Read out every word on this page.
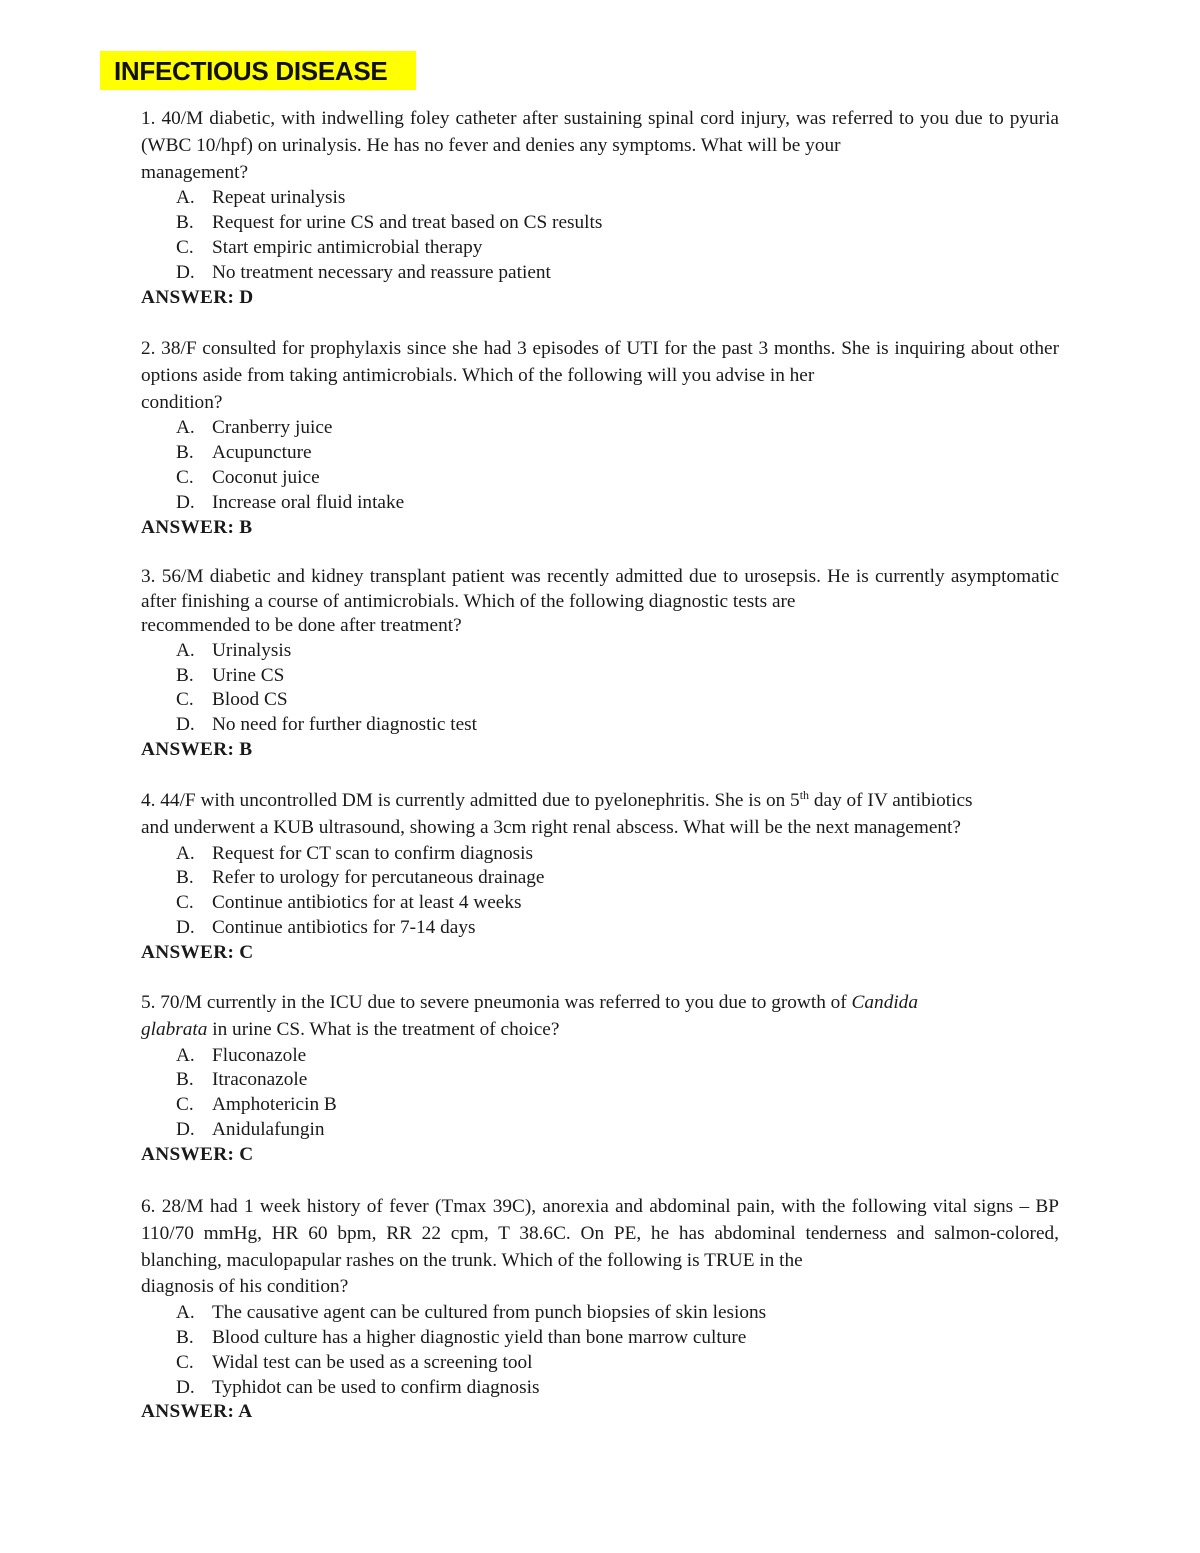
INFECTIOUS DISEASE

1. 40/M diabetic, with indwelling foley catheter after sustaining spinal cord injury, was referred to you due to pyuria (WBC 10/hpf) on urinalysis. He has no fever and denies any symptoms. What will be your
management?

A. Repeat urinalysis
B. Request for urine CS and treat based on CS results
C. Start empiric antimicrobial therapy
D. No treatment necessary and reassure patient
ANSWER: D

2. 38/F consulted for prophylaxis since she had 3 episodes of UTI for the past 3 months. She is inquiring about other options aside from taking antimicrobials. Which of the following will you advise in her
condition?

A. Cranberry juice
B. Acupuncture
C. Coconut juice
D. Increase oral fluid intake
ANSWER: B

3. 56/M diabetic and kidney transplant patient was recently admitted due to urosepsis. He is currently asymptomatic after finishing a course of antimicrobials. Which of the following diagnostic tests are
recommended to be done after treatment?

A. Urinalysis
B. Urine CS
C. Blood CS
D. No need for further diagnostic test
ANSWER: B

4. 44/F with uncontrolled DM is currently admitted due to pyelonephritis. She is on 5th day of IV antibiotics
and underwent a KUB ultrasound, showing a 3cm right renal abscess. What will be the next management?

A. Request for CT scan to confirm diagnosis
B. Refer to urology for percutaneous drainage
C. Continue antibiotics for at least 4 weeks
D. Continue antibiotics for 7-14 days
ANSWER: C

5. 70/M currently in the ICU due to severe pneumonia was referred to you due to growth of Candida
glabrata in urine CS. What is the treatment of choice?

A. Fluconazole
B. Itraconazole
C. Amphotericin B
D. Anidulafungin
ANSWER: C

6. 28/M had 1 week history of fever (Tmax 39C), anorexia and abdominal pain, with the following vital signs – BP 110/70 mmHg, HR 60 bpm, RR 22 cpm, T 38.6C. On PE, he has abdominal tenderness and salmon-colored, blanching, maculopapular rashes on the trunk. Which of the following is TRUE in the
diagnosis of his condition?

A. The causative agent can be cultured from punch biopsies of skin lesions
B. Blood culture has a higher diagnostic yield than bone marrow culture
C. Widal test can be used as a screening tool
D. Typhidot can be used to confirm diagnosis
ANSWER: A
